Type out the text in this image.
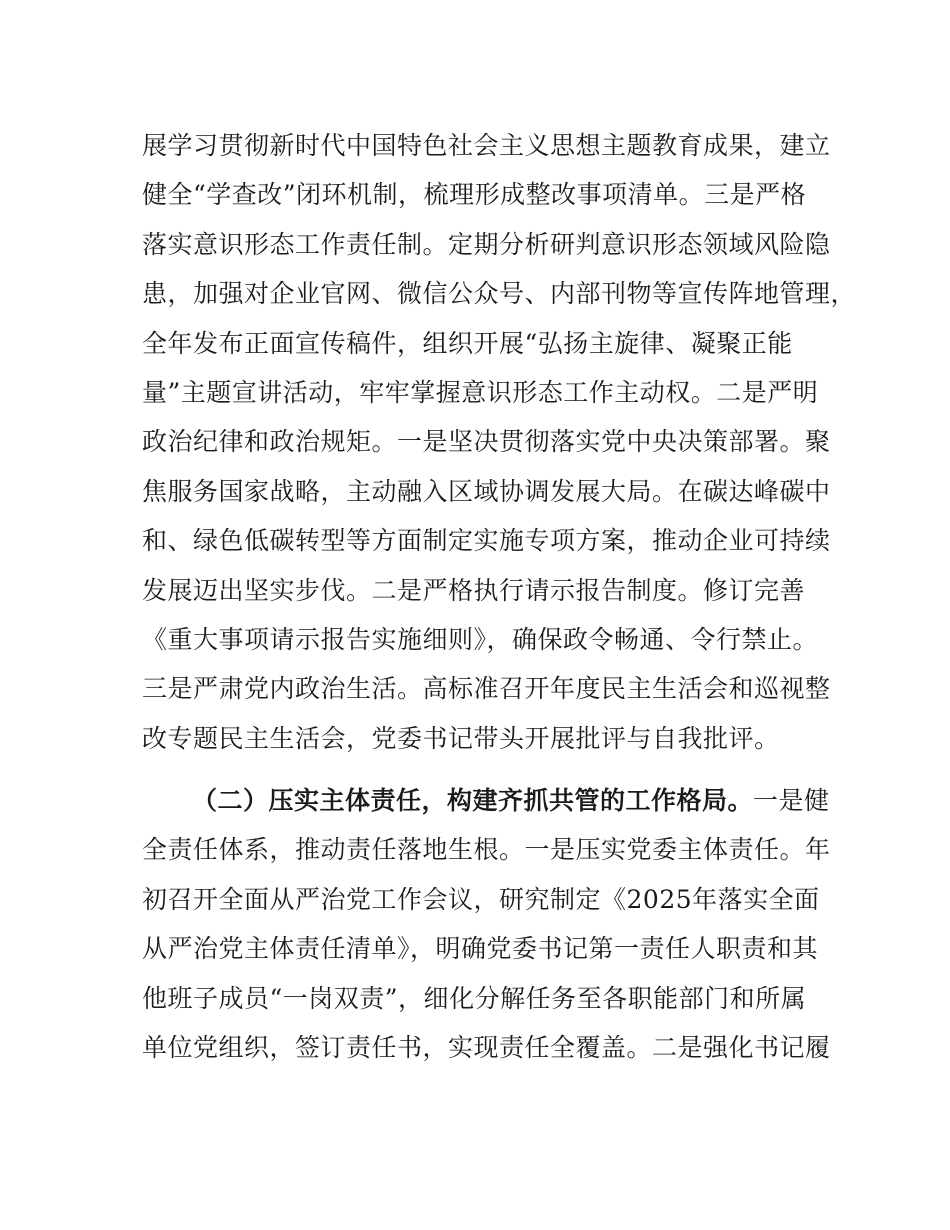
展学习贯彻新时代中国特色社会主义思想主题教育成果，建立
健全“学查改”闭环机制，梳理形成整改事项清单。三是严格
落实意识形态工作责任制。定期分析研判意识形态领域风险隐
患，加强对企业官网、微信公众号、内部刊物等宣传阵地管理，
全年发布正面宣传稿件，组织开展“弘扬主旋律、凝聚正能
量”主题宣讲活动，牢牢掌握意识形态工作主动权。二是严明
政治纪律和政治规矩。一是坚决贯彻落实党中央决策部署。聚
焦服务国家战略，主动融入区域协调发展大局。在碳达峰碳中
和、绿色低碳转型等方面制定实施专项方案，推动企业可持续
发展迈出坚实步伐。二是严格执行请示报告制度。修订完善
《重大事项请示报告实施细则》，确保政令畅通、令行禁止。
三是严肃党内政治生活。高标准召开年度民主生活会和巡视整
改专题民主生活会，党委书记带头开展批评与自我批评。
（二）压实主体责任，构建齐抓共管的工作格局。一是健
全责任体系，推动责任落地生根。一是压实党委主体责任。年
初召开全面从严治党工作会议，研究制定《2025年落实全面
从严治党主体责任清单》，明确党委书记第一责任人职责和其
他班子成员“一岗双责”，细化分解任务至各职能部门和所属
单位党组织，签订责任书，实现责任全覆盖。二是强化书记履
